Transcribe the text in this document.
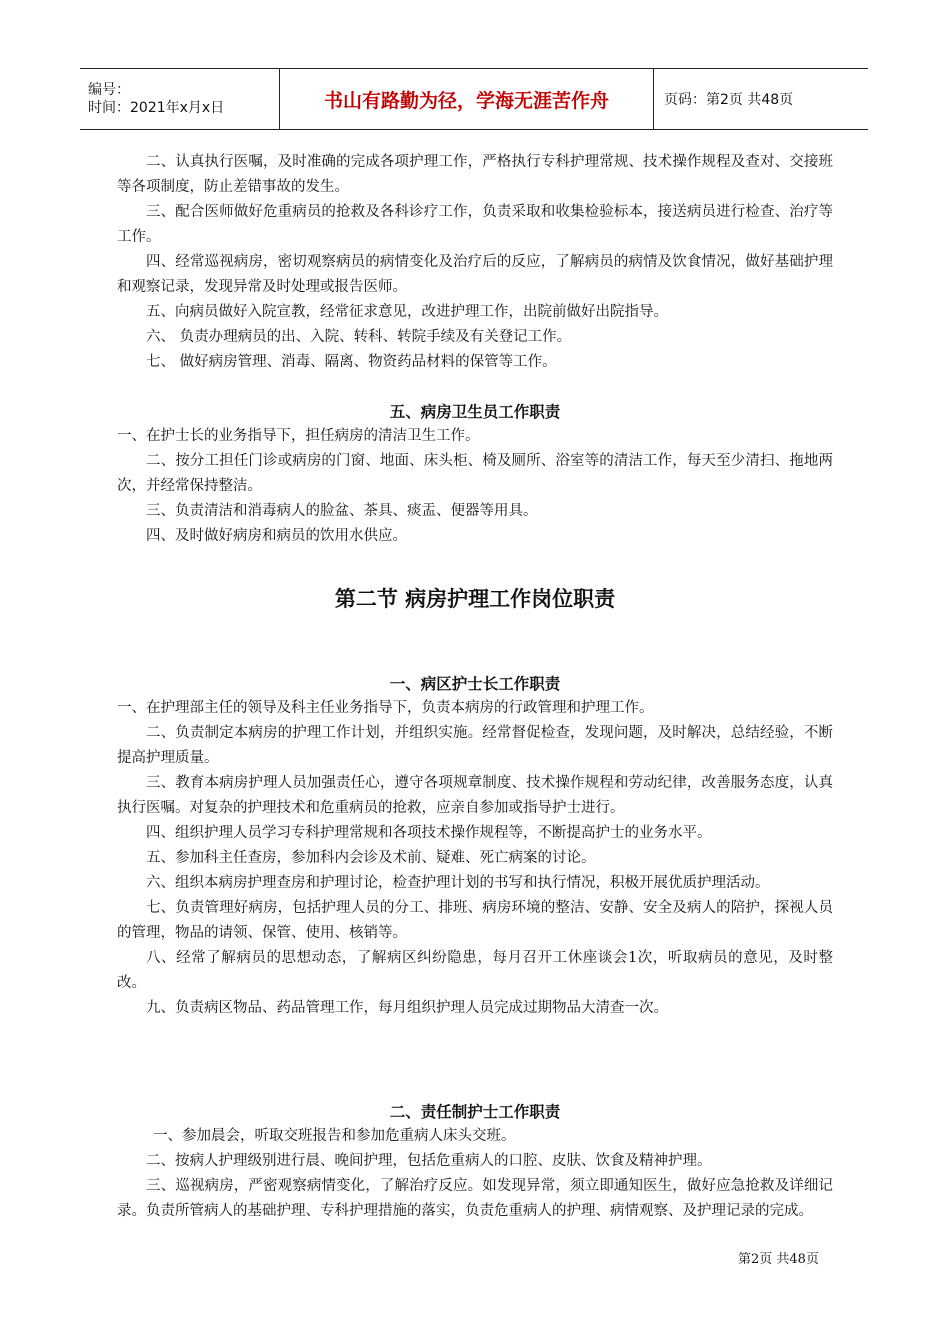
编号：
时间：2021年x月x日	书山有路勤为径，学海无涯苦作舟	页码：第2页 共48页

二、认真执行医嘱，及时准确的完成各项护理工作，严格执行专科护理常规、技术操作规程及查对、交接班等各项制度，防止差错事故的发生。

三、配合医师做好危重病员的抢救及各科诊疗工作，负责采取和收集检验标本，接送病员进行检查、治疗等工作。

四、经常巡视病房，密切观察病员的病情变化及治疗后的反应，了解病员的病情及饮食情况，做好基础护理和观察记录，发现异常及时处理或报告医师。

五、向病员做好入院宣教，经常征求意见，改进护理工作，出院前做好出院指导。

六、 负责办理病员的出、入院、转科、转院手续及有关登记工作。

七、 做好病房管理、消毒、隔离、物资药品材料的保管等工作。

五、病房卫生员工作职责

一、在护士长的业务指导下，担任病房的清洁卫生工作。

二、按分工担任门诊或病房的门窗、地面、床头柜、椅及厕所、浴室等的清洁工作，每天至少清扫、拖地两次，并经常保持整洁。

三、负责清洁和消毒病人的脸盆、茶具、痰盂、便器等用具。

四、及时做好病房和病员的饮用水供应。

第二节 病房护理工作岗位职责
一、病区护士长工作职责

一、在护理部主任的领导及科主任业务指导下，负责本病房的行政管理和护理工作。

二、负责制定本病房的护理工作计划，并组织实施。经常督促检查，发现问题，及时解决，总结经验，不断提高护理质量。

三、教育本病房护理人员加强责任心，遵守各项规章制度、技术操作规程和劳动纪律，改善服务态度，认真执行医嘱。对复杂的护理技术和危重病员的抢救，应亲自参加或指导护士进行。

四、组织护理人员学习专科护理常规和各项技术操作规程等，不断提高护士的业务水平。

五、参加科主任查房，参加科内会诊及术前、疑难、死亡病案的讨论。

六、组织本病房护理查房和护理讨论，检查护理计划的书写和执行情况，积极开展优质护理活动。

七、负责管理好病房，包括护理人员的分工、排班、病房环境的整洁、安静、安全及病人的陪护，探视人员的管理，物品的请领、保管、使用、核销等。

八、经常了解病员的思想动态，了解病区纠纷隐患，每月召开工休座谈会1次，听取病员的意见，及时整改。

九、负责病区物品、药品管理工作，每月组织护理人员完成过期物品大清查一次。

二、责任制护士工作职责

一、参加晨会，听取交班报告和参加危重病人床头交班。

二、按病人护理级别进行晨、晚间护理，包括危重病人的口腔、皮肤、饮食及精神护理。

三、巡视病房，严密观察病情变化，了解治疗反应。如发现异常，须立即通知医生，做好应急抢救及详细记录。负责所管病人的基础护理、专科护理措施的落实，负责危重病人的护理、病情观察、及护理记录的完成。

第2页 共48页
